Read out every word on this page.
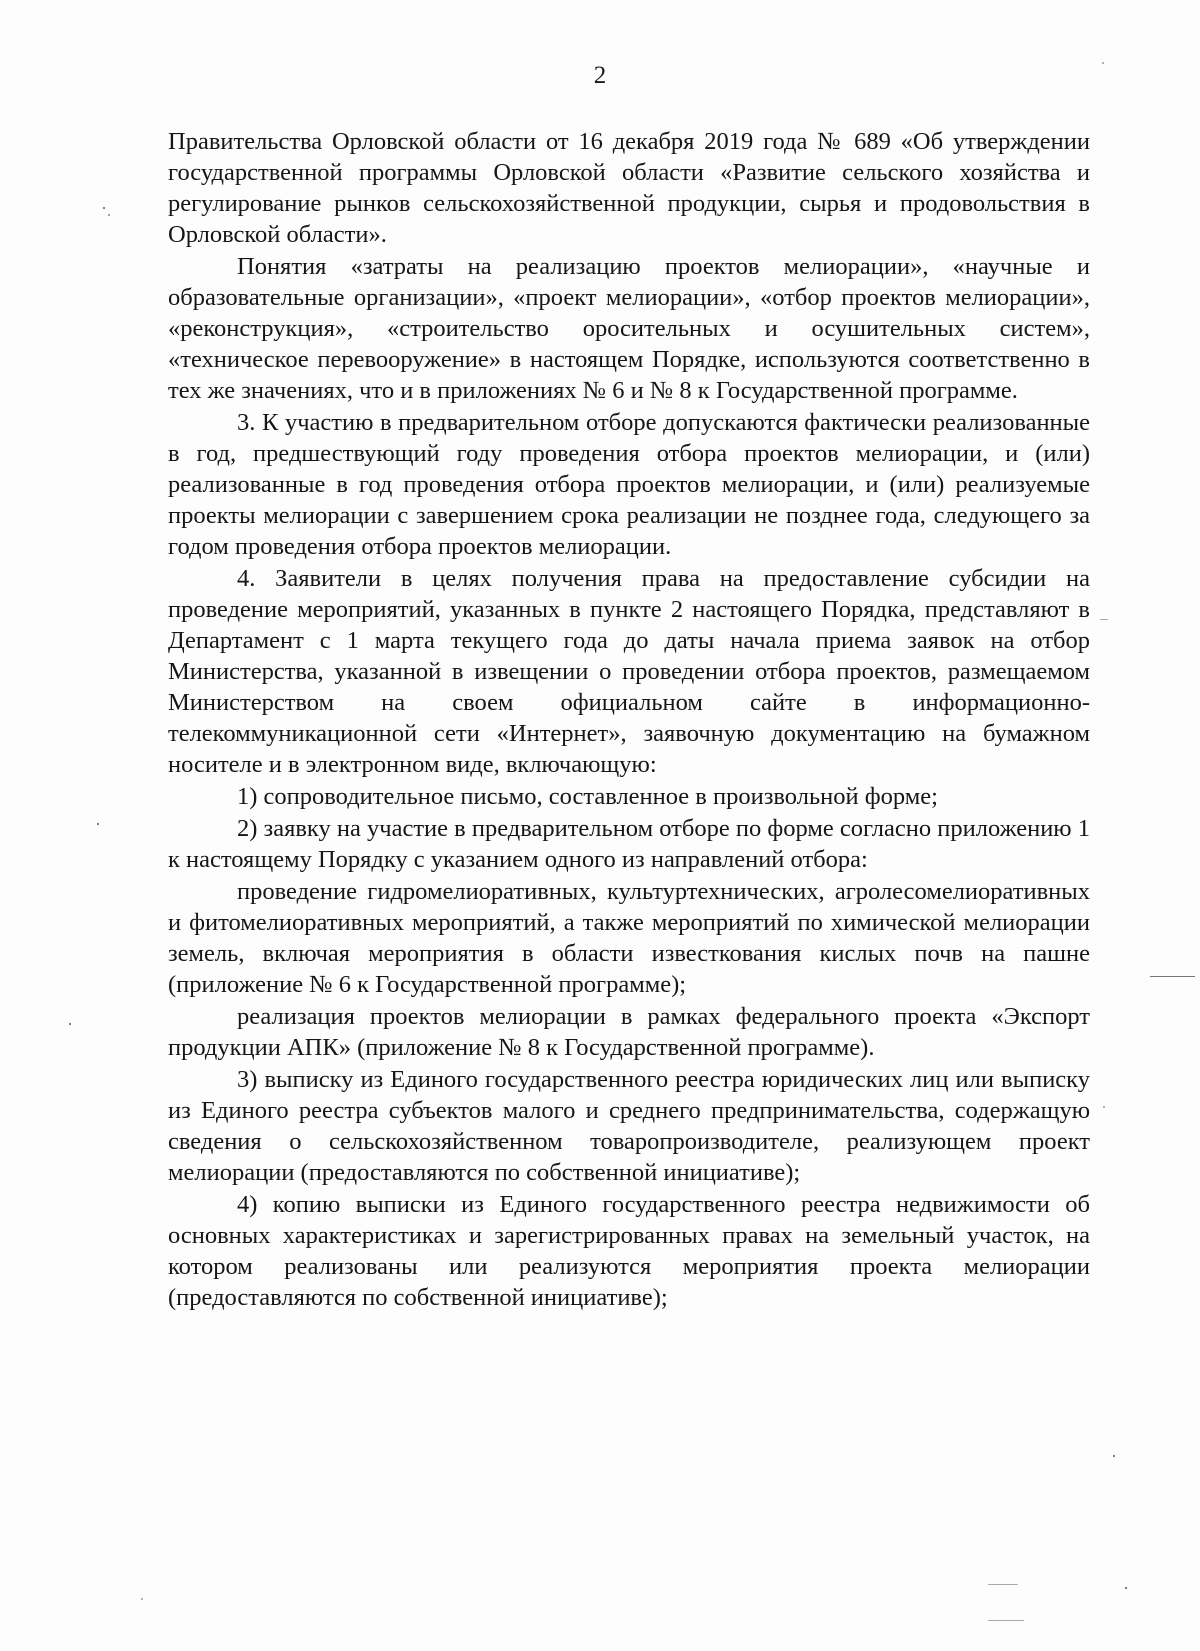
2

Правительства Орловской области от 16 декабря 2019 года № 689 «Об утверждении государственной программы Орловской области «Развитие сельского хозяйства и регулирование рынков сельскохозяйственной продукции, сырья и продовольствия в Орловской области».

Понятия «затраты на реализацию проектов мелиорации», «научные и образовательные организации», «проект мелиорации», «отбор проектов мелиорации», «реконструкция», «строительство оросительных и осушительных систем», «техническое перевооружение» в настоящем Порядке, используются соответственно в тех же значениях, что и в приложениях № 6 и № 8 к Государственной программе.

3. К участию в предварительном отборе допускаются фактически реализованные в год, предшествующий году проведения отбора проектов мелиорации, и (или) реализованные в год проведения отбора проектов мелиорации, и (или) реализуемые проекты мелиорации с завершением срока реализации не позднее года, следующего за годом проведения отбора проектов мелиорации.

4. Заявители в целях получения права на предоставление субсидии на проведение мероприятий, указанных в пункте 2 настоящего Порядка, представляют в Департамент с 1 марта текущего года до даты начала приема заявок на отбор Министерства, указанной в извещении о проведении отбора проектов, размещаемом Министерством на своем официальном сайте в информационно-телекоммуникационной сети «Интернет», заявочную документацию на бумажном носителе и в электронном виде, включающую:

1) сопроводительное письмо, составленное в произвольной форме;

2) заявку на участие в предварительном отборе по форме согласно приложению 1 к настоящему Порядку с указанием одного из направлений отбора:

проведение гидромелиоративных, культуртехнических, агролесомелиоративных и фитомелиоративных мероприятий, а также мероприятий по химической мелиорации земель, включая мероприятия в области известкования кислых почв на пашне (приложение № 6 к Государственной программе);

реализация проектов мелиорации в рамках федерального проекта «Экспорт продукции АПК» (приложение № 8 к Государственной программе).

3) выписку из Единого государственного реестра юридических лиц или выписку из Единого реестра субъектов малого и среднего предпринимательства, содержащую сведения о сельскохозяйственном товаропроизводителе, реализующем проект мелиорации (предоставляются по собственной инициативе);

4) копию выписки из Единого государственного реестра недвижимости об основных характеристиках и зарегистрированных правах на земельный участок, на котором реализованы или реализуются мероприятия проекта мелиорации (предоставляются по собственной инициативе);
